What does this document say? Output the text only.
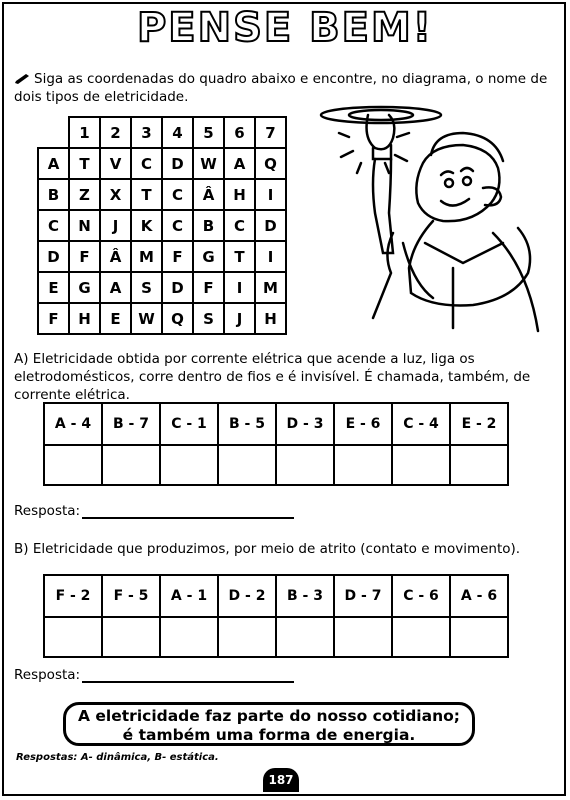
PENSE BEM!
Siga as coordenadas do quadro abaixo e encontre, no diagrama, o nome de dois tipos de eletricidade.
	1	2	3	4	5	6	7
A	T	V	C	D	W	A	Q
B	Z	X	T	C	Â	H	I
C	N	J	K	C	B	C	D
D	F	Â	M	F	G	T	I
E	G	A	S	D	F	I	M
F	H	E	W	Q	S	J	H
A) Eletricidade obtida por corrente elétrica que acende a luz, liga os eletrodomésticos, corre dentro de fios e é invisível. É chamada, também, de corrente elétrica.
A - 4	B - 7	C - 1	B - 5	D - 3	E - 6	C - 4	E - 2

Resposta:
B) Eletricidade que produzimos, por meio de atrito (contato e movimento).
F - 2	F - 5	A - 1	D - 2	B - 3	D - 7	C - 6	A - 6

Resposta:
A eletricidade faz parte do nosso cotidiano;
é também uma forma de energia.
Respostas: A- dinâmica, B- estática.
187
